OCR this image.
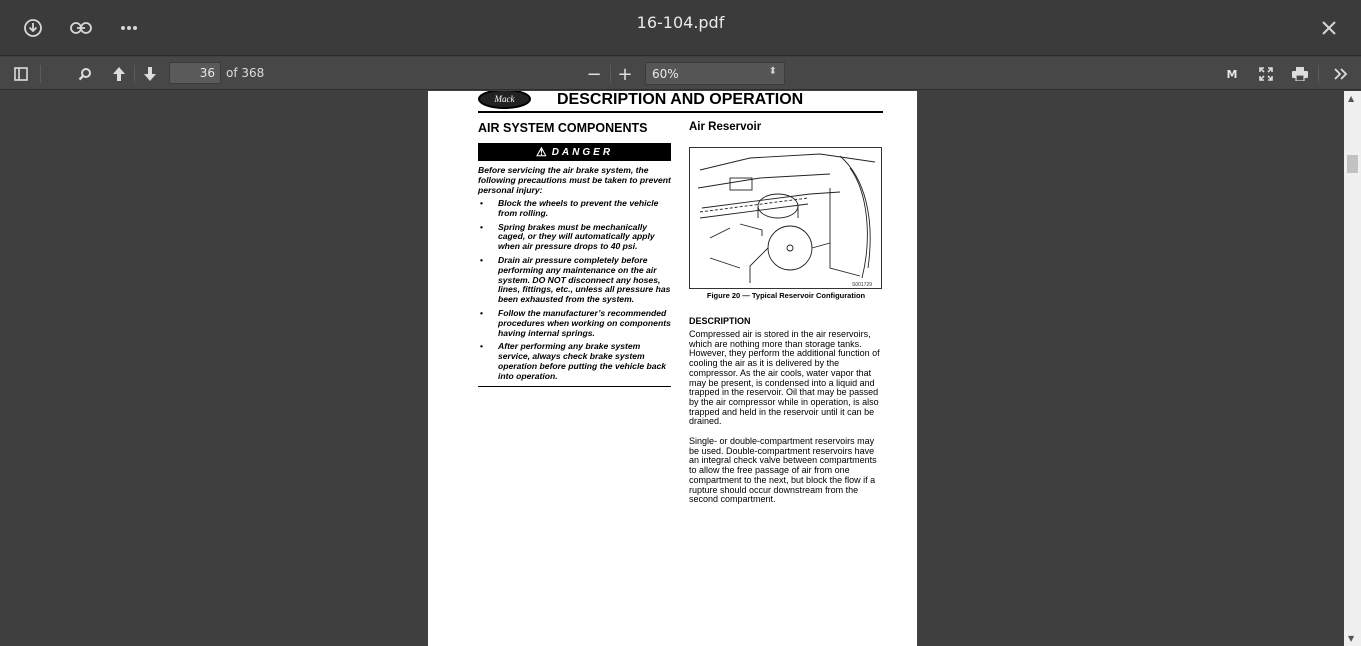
16-104.pdf
36
of 368	− +	60%	⬍	M
Mack	DESCRIPTION AND OPERATION
AIR SYSTEM COMPONENTS
⚠ DANGER
Before servicing the air brake system, the following precautions must be taken to prevent personal injury:
• Block the wheels to prevent the vehicle from rolling.
• Spring brakes must be mechanically caged, or they will automatically apply when air pressure drops to 40 psi.
• Drain air pressure completely before performing any maintenance on the air system. DO NOT disconnect any hoses, lines, fittings, etc., unless all pressure has been exhausted from the system.
• Follow the manufacturer’s recommended procedures when working on components having internal springs.
• After performing any brake system service, always check brake system operation before putting the vehicle back into operation.
Air Reservoir
S001729
Figure 20 — Typical Reservoir Configuration
DESCRIPTION
Compressed air is stored in the air reservoirs, which are nothing more than storage tanks. However, they perform the additional function of cooling the air as it is delivered by the compressor. As the air cools, water vapor that may be present, is condensed into a liquid and trapped in the reservoir. Oil that may be passed by the air compressor while in operation, is also trapped and held in the reservoir until it can be drained.
Single- or double-compartment reservoirs may be used. Double-compartment reservoirs have an integral check valve between compartments to allow the free passage of air from one compartment to the next, but block the flow if a rupture should occur downstream from the second compartment.
▲
▼
